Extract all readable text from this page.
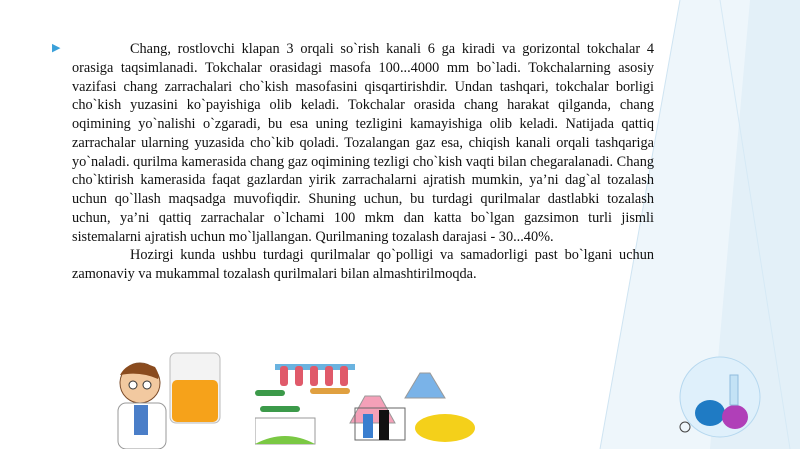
▶	Chang, rostlovchi klapan 3 orqali so`rish kanali 6 ga kiradi va gorizontal tokchalar 4 orasiga taqsimlanadi. Tokchalar orasidagi masofa 100...4000 mm bo`ladi. Tokchalarning asosiy vazifasi chang zarrachalari cho`kish masofasini qisqartirishdir. Undan tashqari, tokchalar borligi cho`kish yuzasini ko`payishiga olib keladi. Tokchalar orasida chang harakat qilganda, chang oqimining yo`nalishi o`zgaradi, bu esa uning tezligini kamayishiga olib keladi. Natijada qattiq zarrachalar ularning yuzasida cho`kib qoladi. Tozalangan gaz esa, chiqish kanali orqali tashqariga yo`naladi. qurilma kamerasida chang gaz oqimining tezligi cho`kish vaqti bilan chegaralanadi. Chang cho`ktirish kamerasida faqat gazlardan yirik zarrachalarni ajratish mumkin, ya’ni dag`al tozalash uchun qo`llash maqsadga muvofiqdir. Shuning uchun, bu turdagi qurilmalar dastlabki tozalash uchun, ya’ni qattiq zarrachalar o`lchami 100 mkm dan katta bo`lgan gazsimon turli jismli sistemalarni ajratish uchun mo`ljallangan. Qurilmaning tozalash darajasi - 30...40%.

Hozirgi kunda ushbu turdagi qurilmalar qo`polligi va samadorligi past bo`lgani uchun zamonaviy va mukammal tozalash qurilmalari bilan almashtirilmoqda.
